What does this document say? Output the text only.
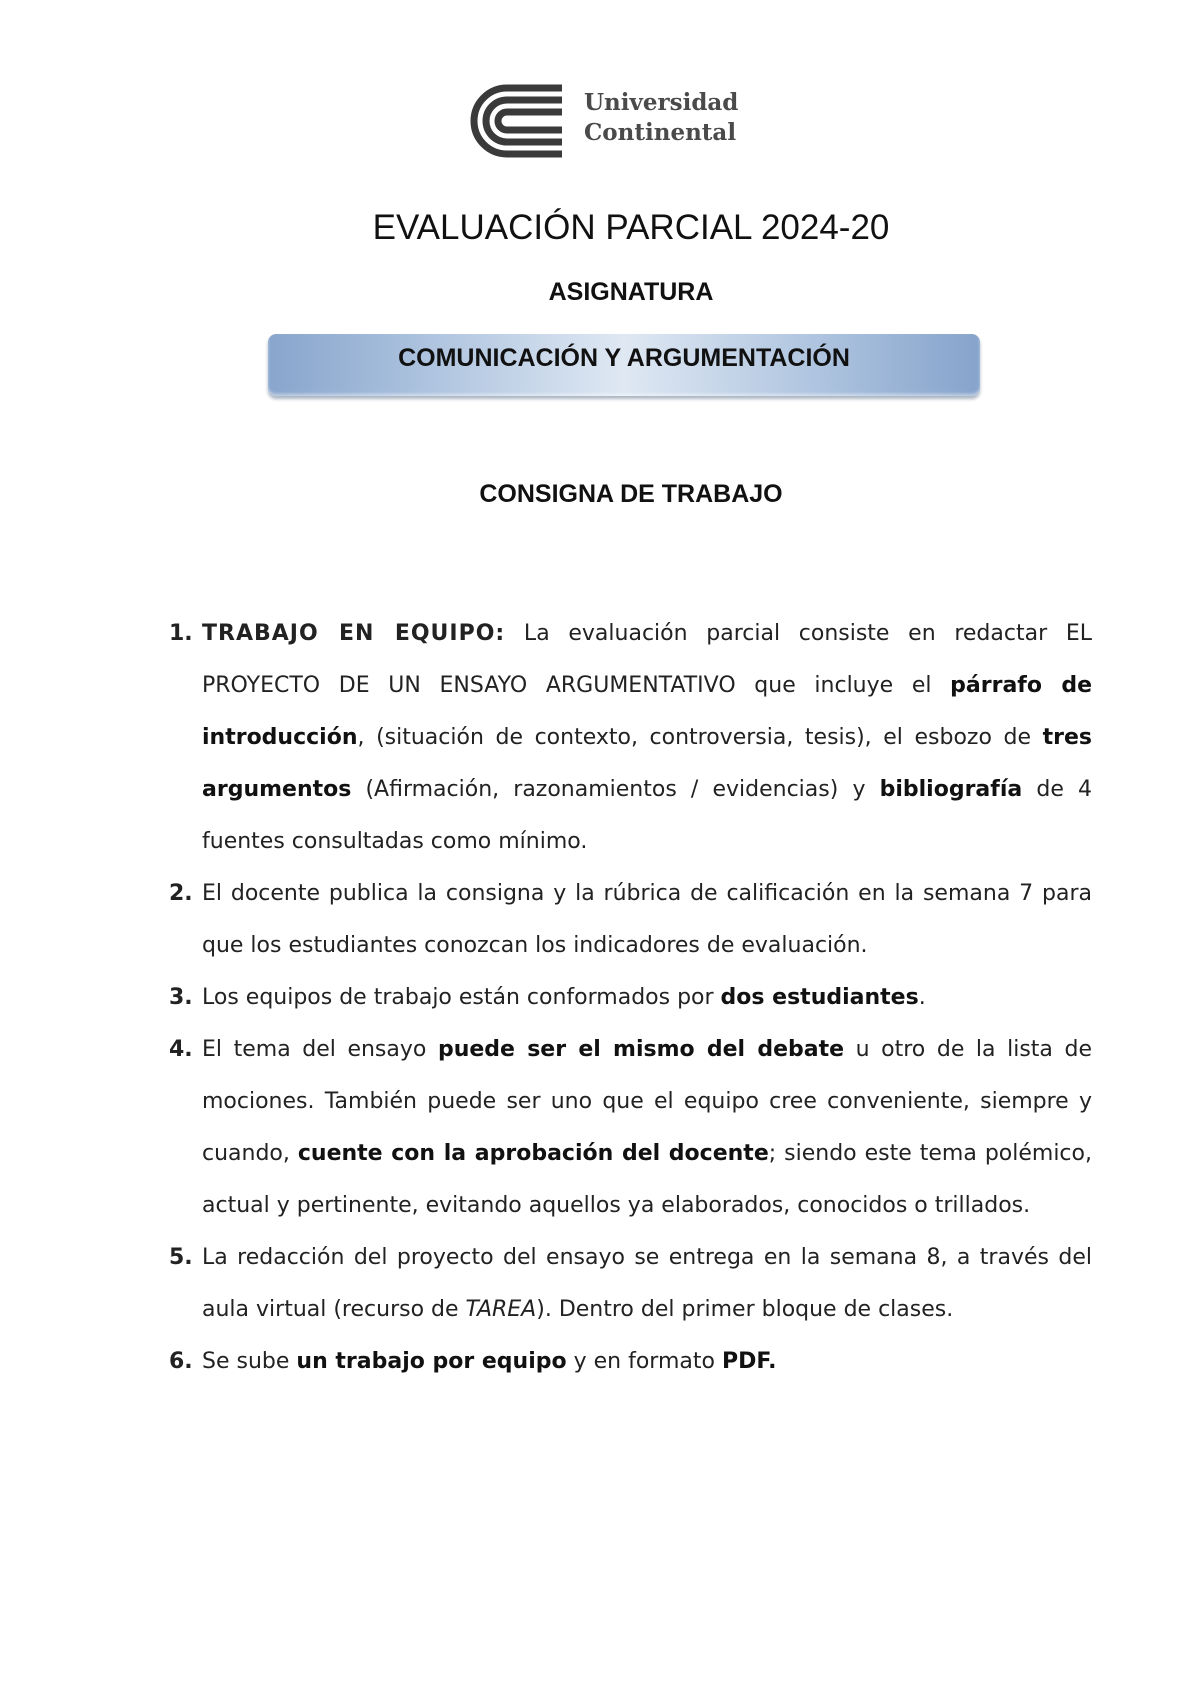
Universidad
Continental
EVALUACIÓN PARCIAL 2024-20
ASIGNATURA
COMUNICACIÓN Y ARGUMENTACIÓN
CONSIGNA DE TRABAJO
1. TRABAJO EN EQUIPO: La evaluación parcial consiste en redactar EL PROYECTO DE UN ENSAYO ARGUMENTATIVO que incluye el párrafo de introducción, (situación de contexto, controversia, tesis), el esbozo de tres argumentos (Afirmación, razonamientos / evidencias) y bibliografía de 4 fuentes consultadas como mínimo.
2. El docente publica la consigna y la rúbrica de calificación en la semana 7 para que los estudiantes conozcan los indicadores de evaluación.
3. Los equipos de trabajo están conformados por dos estudiantes.
4. El tema del ensayo puede ser el mismo del debate u otro de la lista de mociones. También puede ser uno que el equipo cree conveniente, siempre y cuando, cuente con la aprobación del docente; siendo este tema polémico, actual y pertinente, evitando aquellos ya elaborados, conocidos o trillados.
5. La redacción del proyecto del ensayo se entrega en la semana 8, a través del aula virtual (recurso de TAREA). Dentro del primer bloque de clases.
6. Se sube un trabajo por equipo y en formato PDF.
